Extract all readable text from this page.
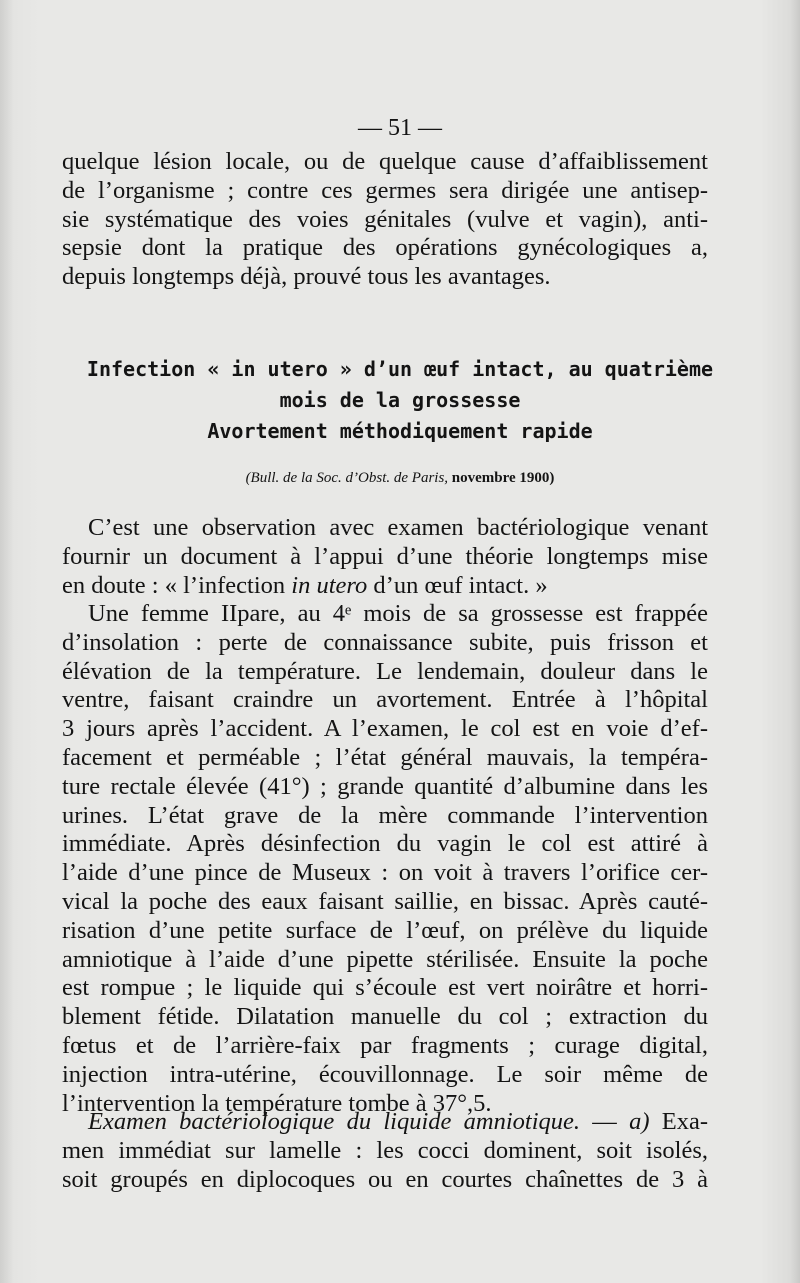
— 51 —

quelque lésion locale, ou de quelque cause d’affaiblissement
de l’organisme ; contre ces germes sera dirigée une antisep-
sie systématique des voies génitales (vulve et vagin), anti-
sepsie dont la pratique des opérations gynécologiques a,
depuis longtemps déjà, prouvé tous les avantages.

Infection « in utero » d’un œuf intact, au quatrième
mois de la grossesse
Avortement méthodiquement rapide
(Bull. de la Soc. d’Obst. de Paris, novembre 1900)

C’est une observation avec examen bactériologique venant
fournir un document à l’appui d’une théorie longtemps mise
en doute : « l’infection in utero d’un œuf intact. »

Une femme IIpare, au 4ᵉ mois de sa grossesse est frappée
d’insolation : perte de connaissance subite, puis frisson et
élévation de la température. Le lendemain, douleur dans le
ventre, faisant craindre un avortement. Entrée à l’hôpital
3 jours après l’accident. A l’examen, le col est en voie d’ef-
facement et perméable ; l’état général mauvais, la tempéra-
ture rectale élevée (41°) ; grande quantité d’albumine dans les
urines. L’état grave de la mère commande l’intervention
immédiate. Après désinfection du vagin le col est attiré à
l’aide d’une pince de Museux : on voit à travers l’orifice cer-
vical la poche des eaux faisant saillie, en bissac. Après cauté-
risation d’une petite surface de l’œuf, on prélève du liquide
amniotique à l’aide d’une pipette stérilisée. Ensuite la poche
est rompue ; le liquide qui s’écoule est vert noirâtre et horri-
blement fétide. Dilatation manuelle du col ; extraction du
fœtus et de l’arrière-faix par fragments ; curage digital,
injection intra-utérine, écouvillonnage. Le soir même de
l’intervention la température tombe à 37°,5.

Examen bactériologique du liquide amniotique. — a) Exa-
men immédiat sur lamelle : les cocci dominent, soit isolés,
soit groupés en diplocoques ou en courtes chaînettes de 3 à
